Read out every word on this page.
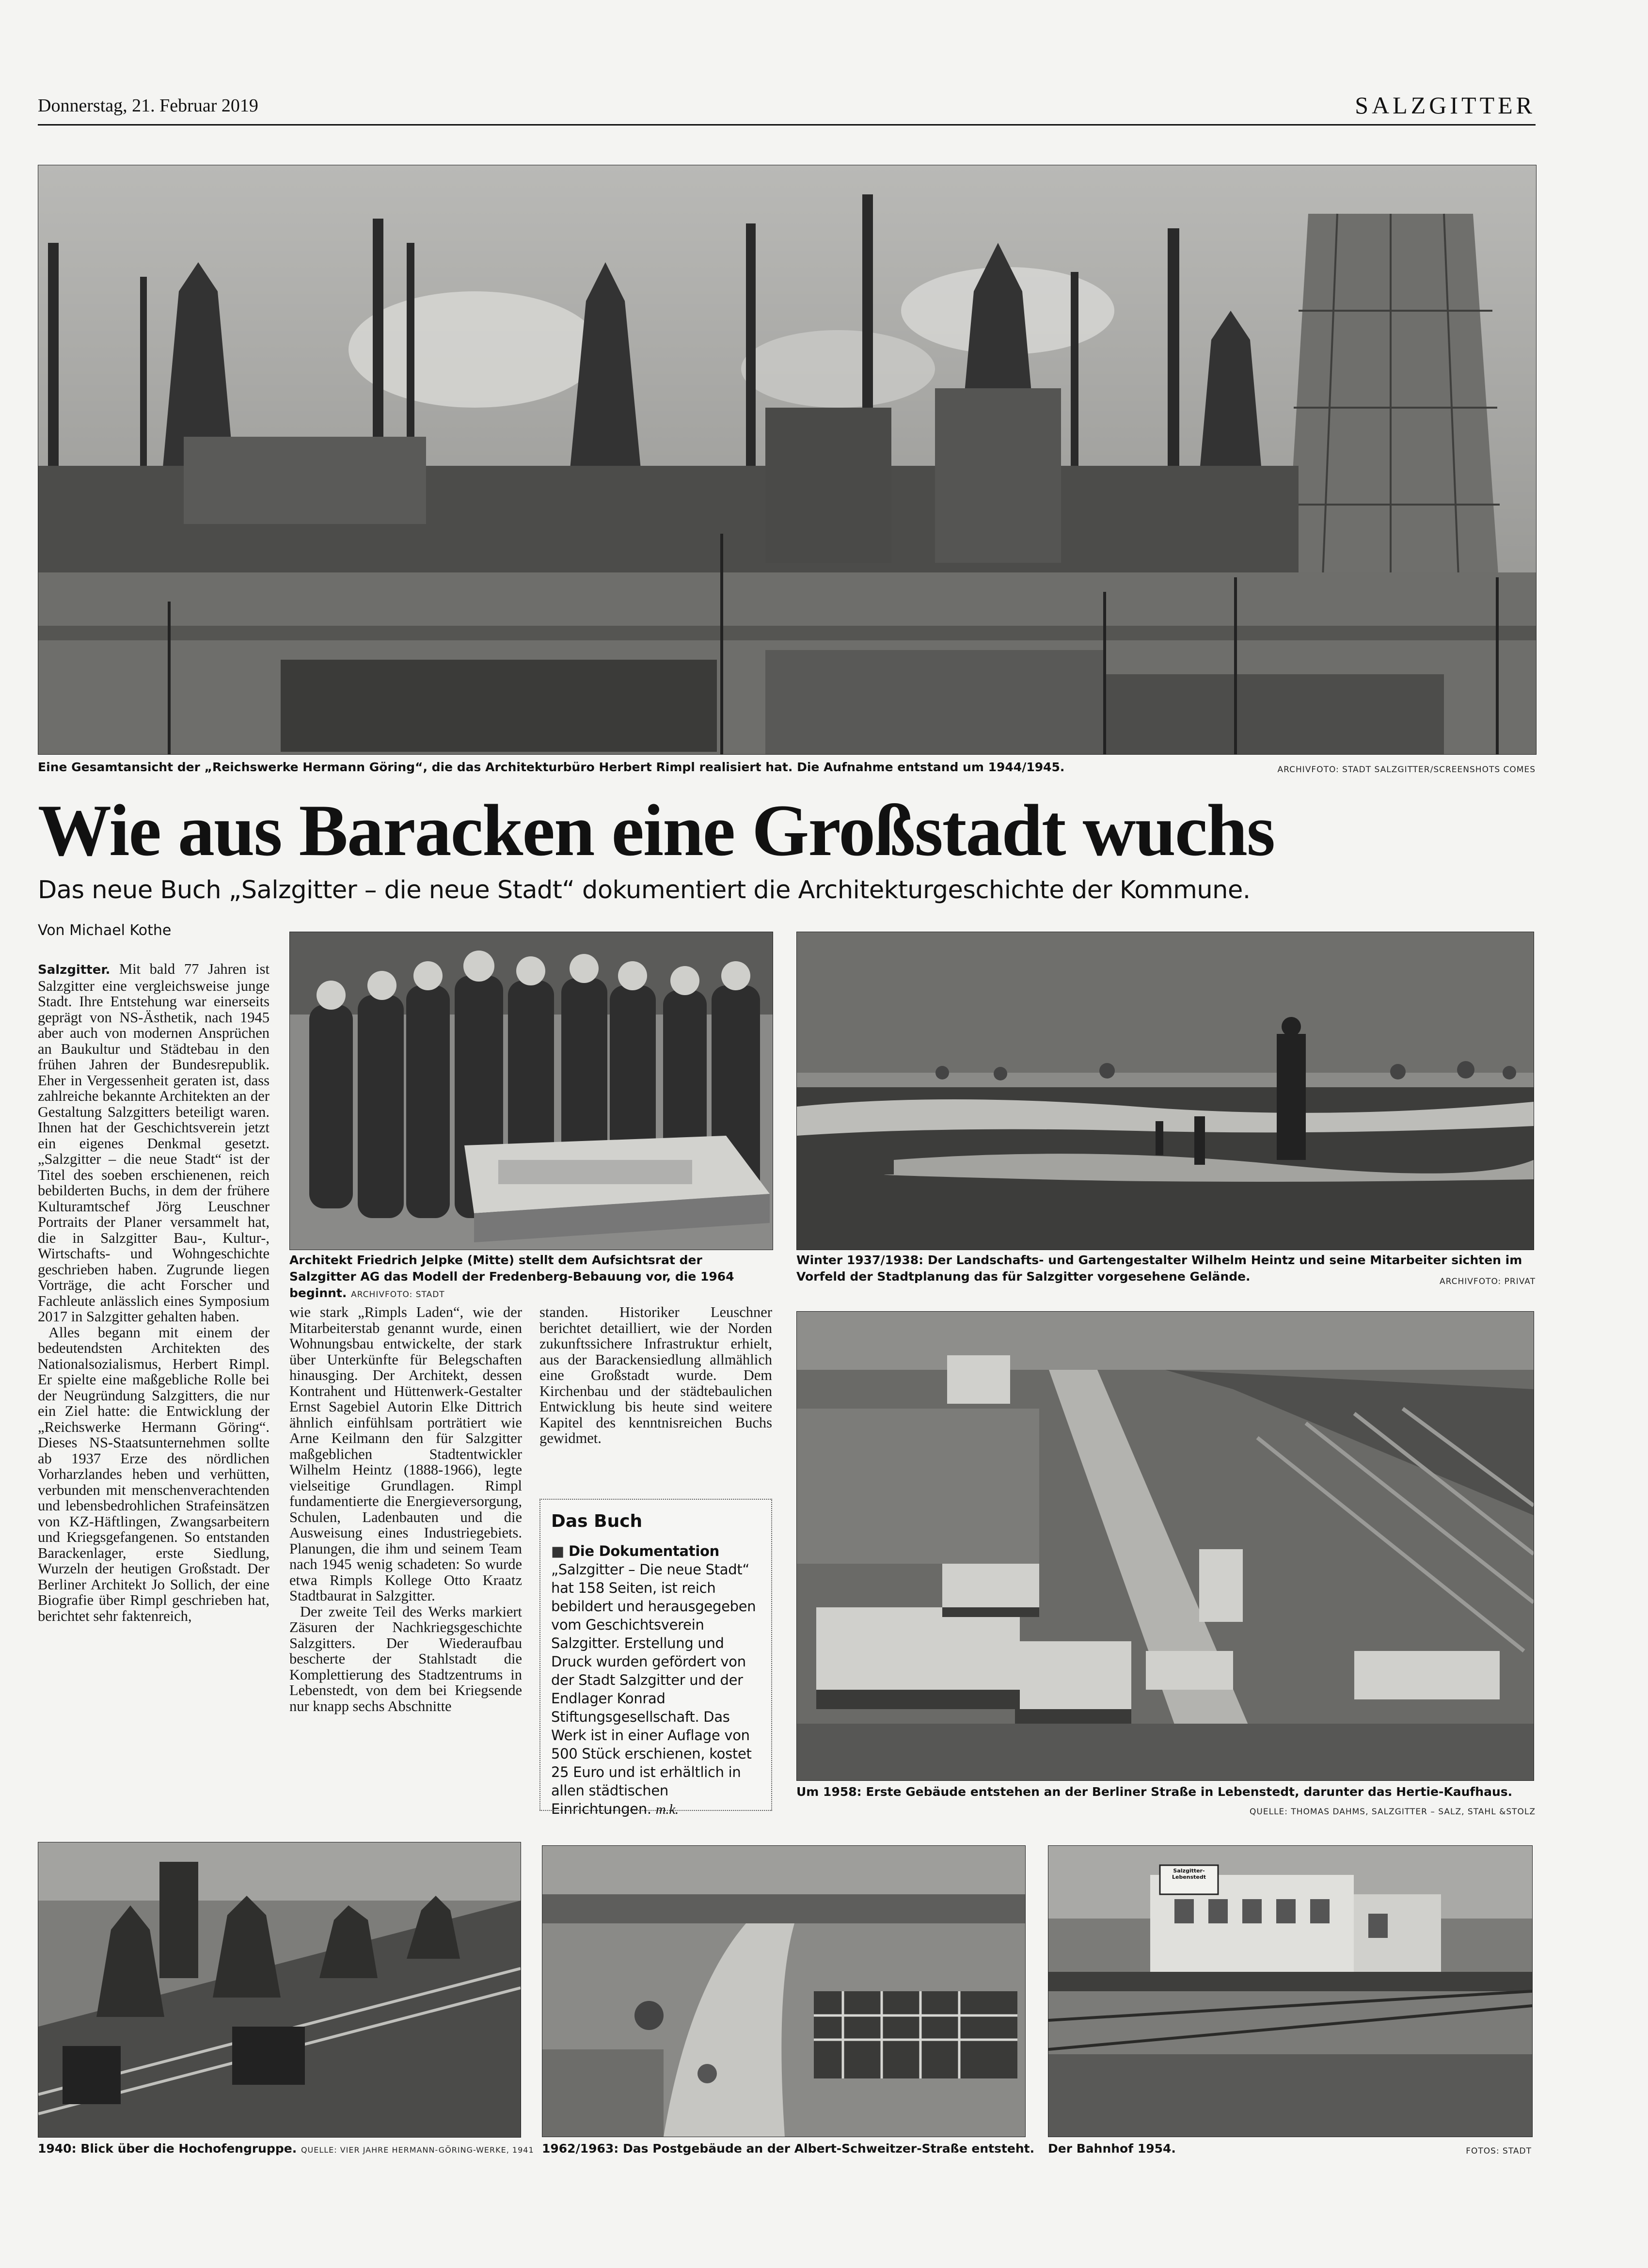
Donnerstag, 21. Februar 2019	SALZGITTER
Eine Gesamtansicht der „Reichswerke Hermann Göring“, die das Architekturbüro Herbert Rimpl realisiert hat. Die Aufnahme entstand um 1944/1945.	ARCHIVFOTO: STADT SALZGITTER/SCREENSHOTS COMES
Wie aus Baracken eine Großstadt wuchs
Das neue Buch „Salzgitter – die neue Stadt“ dokumentiert die Architekturgeschichte der Kommune.
Von Michael Kothe

Salzgitter. Mit bald 77 Jahren ist Salzgitter eine vergleichsweise junge Stadt. Ihre Entstehung war einerseits geprägt von NS-Ästhetik, nach 1945 aber auch von modernen Ansprüchen an Baukultur und Städtebau in den frühen Jahren der Bundesrepublik. Eher in Vergessenheit geraten ist, dass zahlreiche bekannte Architekten an der Gestaltung Salzgitters beteiligt waren. Ihnen hat der Geschichtsverein jetzt ein eigenes Denkmal gesetzt. „Salzgitter – die neue Stadt“ ist der Titel des soeben erschienenen, reich bebilderten Buchs, in dem der frühere Kulturamtschef Jörg Leuschner Portraits der Planer versammelt hat, die in Salzgitter Bau-, Kultur-, Wirtschafts- und Wohngeschichte geschrieben haben. Zugrunde liegen Vorträge, die acht Forscher und Fachleute anlässlich eines Symposium 2017 in Salzgitter gehalten haben.

Alles begann mit einem der bedeutendsten Architekten des Nationalsozialismus, Herbert Rimpl. Er spielte eine maßgebliche Rolle bei der Neugründung Salzgitters, die nur ein Ziel hatte: die Entwicklung der „Reichswerke Hermann Göring“. Dieses NS-Staatsunternehmen sollte ab 1937 Erze des nördlichen Vorharzlandes heben und verhütten, verbunden mit menschenverachtenden und lebensbedrohlichen Strafeinsätzen von KZ-Häftlingen, Zwangsarbeitern und Kriegsgefangenen. So entstanden Barackenlager, erste Siedlung, Wurzeln der heutigen Großstadt. Der Berliner Architekt Jo Sollich, der eine Biografie über Rimpl geschrieben hat, berichtet sehr faktenreich,

Architekt Friedrich Jelpke (Mitte) stellt dem Aufsichtsrat der Salzgitter AG das Modell der Fredenberg-Bebauung vor, die 1964 beginnt. ARCHIVFOTO: STADT
Winter 1937/1938: Der Landschafts- und Gartengestalter Wilhelm Heintz und seine Mitarbeiter sichten im Vorfeld der Stadtplanung das für Salzgitter vorgesehene Gelände.	ARCHIVFOTO: PRIVAT

wie stark „Rimpls Laden“, wie der Mitarbeiterstab genannt wurde, einen Wohnungsbau entwickelte, der stark über Unterkünfte für Belegschaften hinausging. Der Architekt, dessen Kontrahent und Hüttenwerk-Gestalter Ernst Sagebiel Autorin Elke Dittrich ähnlich einfühlsam porträtiert wie Arne Keilmann den für Salzgitter maßgeblichen Stadtentwickler Wilhelm Heintz (1888-1966), legte vielseitige Grundlagen. Rimpl fundamentierte die Energieversorgung, Schulen, Ladenbauten und die Ausweisung eines Industriegebiets. Planungen, die ihm und seinem Team nach 1945 wenig schadeten: So wurde etwa Rimpls Kollege Otto Kraatz Stadtbaurat in Salzgitter.

Der zweite Teil des Werks markiert Zäsuren der Nachkriegsgeschichte Salzgitters. Der Wiederaufbau bescherte der Stahlstadt die Komplettierung des Stadtzentrums in Lebenstedt, von dem bei Kriegsende nur knapp sechs Abschnitte

standen. Historiker Leuschner berichtet detailliert, wie der Norden zukunftssichere Infrastruktur erhielt, aus der Barackensiedlung allmählich eine Großstadt wurde. Dem Kirchenbau und der städtebaulichen Entwicklung bis heute sind weitere Kapitel des kenntnisreichen Buchs gewidmet.

Das Buch
■ Die Dokumentation „Salzgitter – Die neue Stadt“ hat 158 Seiten, ist reich bebildert und herausgegeben vom Geschichtsverein Salzgitter. Erstellung und Druck wurden gefördert von der Stadt Salzgitter und der Endlager Konrad Stiftungsgesellschaft. Das Werk ist in einer Auflage von 500 Stück erschienen, kostet 25 Euro und ist erhältlich in allen städtischen Einrichtungen. m.k.
Um 1958: Erste Gebäude entstehen an der Berliner Straße in Lebenstedt, darunter das Hertie-Kaufhaus.
QUELLE: THOMAS DAHMS, SALZGITTER – SALZ, STAHL &STOLZ
1940: Blick über die Hochofengruppe. QUELLE: VIER JAHRE HERMANN-GÖRING-WERKE, 1941 1962/1963: Das Postgebäude an der Albert-Schweitzer-Straße entsteht.
Salzgitter-Lebenstedt
Der Bahnhof 1954.	FOTOS: STADT
